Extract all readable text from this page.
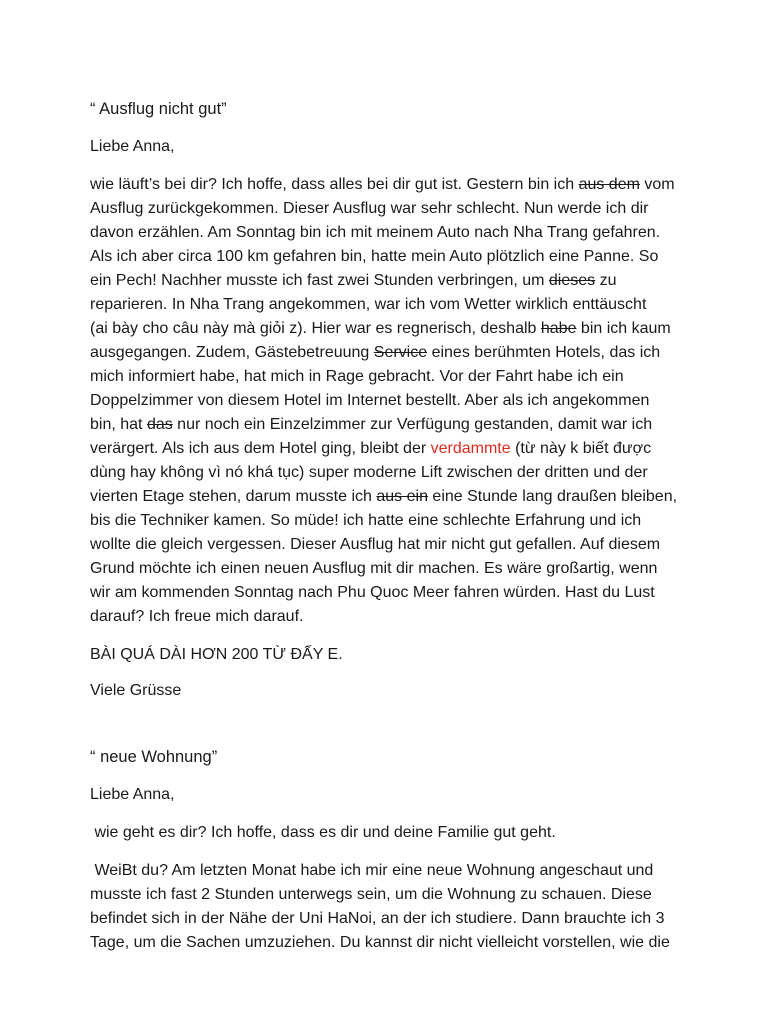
“ Ausflug nicht gut”
Liebe Anna,
wie läuft’s bei dir? Ich hoffe, dass alles bei dir gut ist. Gestern bin ich aus dem vom
Ausflug zurückgekommen. Dieser Ausflug war sehr schlecht. Nun werde ich dir
davon erzählen. Am Sonntag bin ich mit meinem Auto nach Nha Trang gefahren.
Als ich aber circa 100 km gefahren bin, hatte mein Auto plötzlich eine Panne. So
ein Pech! Nachher musste ich fast zwei Stunden verbringen, um dieses zu
reparieren. In Nha Trang angekommen, war ich vom Wetter wirklich enttäuscht
(ai bày cho câu này mà giỏi z). Hier war es regnerisch, deshalb habe bin ich kaum
ausgegangen. Zudem, Gästebetreuung Service eines berühmten Hotels, das ich
mich informiert habe, hat mich in Rage gebracht. Vor der Fahrt habe ich ein
Doppelzimmer von diesem Hotel im Internet bestellt. Aber als ich angekommen
bin, hat das nur noch ein Einzelzimmer zur Verfügung gestanden, damit war ich
verärgert. Als ich aus dem Hotel ging, bleibt der verdammte (từ này k biết được
dùng hay không vì nó khá tục) super moderne Lift zwischen der dritten und der
vierten Etage stehen, darum musste ich aus ein eine Stunde lang draußen bleiben,
bis die Techniker kamen. So müde! ich hatte eine schlechte Erfahrung und ich
wollte die gleich vergessen. Dieser Ausflug hat mir nicht gut gefallen. Auf diesem
Grund möchte ich einen neuen Ausflug mit dir machen. Es wäre großartig, wenn
wir am kommenden Sonntag nach Phu Quoc Meer fahren würden. Hast du Lust
darauf? Ich freue mich darauf.
BÀI QUÁ DÀI HƠN 200 TỪ ĐẤY E.
Viele Grüsse
“ neue Wohnung”
Liebe Anna,
wie geht es dir? Ich hoffe, dass es dir und deine Familie gut geht.
WeiBt du? Am letzten Monat habe ich mir eine neue Wohnung angeschaut und
musste ich fast 2 Stunden unterwegs sein, um die Wohnung zu schauen. Diese
befindet sich in der Nähe der Uni HaNoi, an der ich studiere. Dann brauchte ich 3
Tage, um die Sachen umzuziehen. Du kannst dir nicht vielleicht vorstellen, wie die
